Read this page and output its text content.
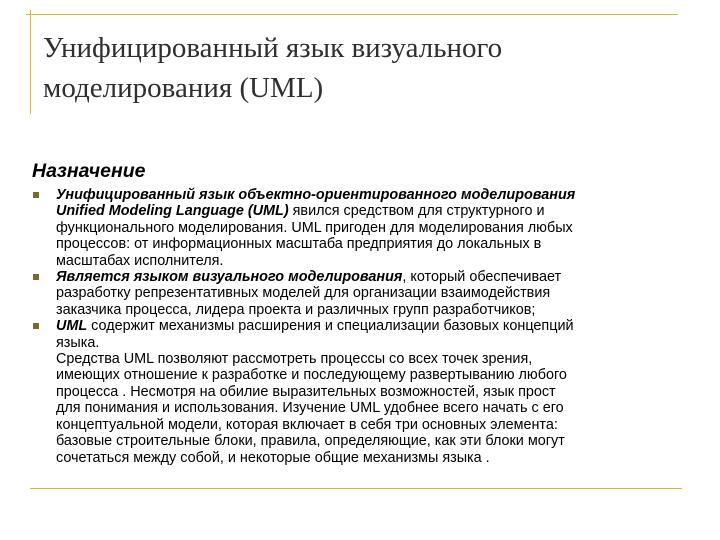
Унифицированный язык визуального
моделирования (UML)
Назначение
Унифицированный язык объектно-ориентированного моделирования
Unified Modeling Language (UML) явился средством для структурного и
функционального моделирования. UML пригоден для моделирования любых
процессов: от информационных масштаба предприятия до локальных в
масштабах исполнителя.
Является языком визуального моделирования, который обеспечивает
разработку репрезентативных моделей для организации взаимодействия
заказчика процесса, лидера проекта и различных групп разработчиков;
UML содержит механизмы расширения и специализации базовых концепций
языка.
Средства UML позволяют рассмотреть процессы со всех точек зрения,
имеющих отношение к разработке и последующему развертыванию любого
процесса . Несмотря на обилие выразительных возможностей, язык прост
для понимания и использования. Изучение UML удобнее всего начать с его
концептуальной модели, которая включает в себя три основных элемента:
базовые строительные блоки, правила, определяющие, как эти блоки могут
сочетаться между собой, и некоторые общие механизмы языка .
